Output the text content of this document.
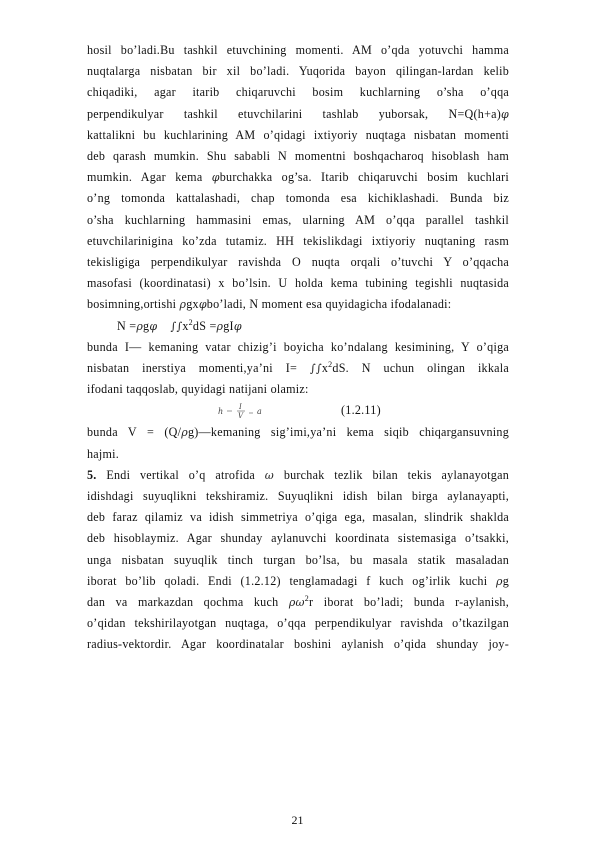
hosil bo’ladi.Bu tashkil etuvchining momenti. AM o’qda yotuvchi hamma
nuqtalarga nisbatan bir xil bo’ladi. Yuqorida bayon qilingan-lardan kelib
chiqadiki, agar itarib chiqaruvchi bosim kuchlarning o’sha o’qqa
perpendikulyar tashkil etuvchilarini tashlab yuborsak, N=Q(h+a)φ
kattalikni bu kuchlarining AM o’qidagi ixtiyoriy nuqtaga nisbatan momenti
deb qarash mumkin. Shu sababli N momentni boshqacharoq hisoblash ham
mumkin. Agar kema φburchakka og’sa. Itarib chiqaruvchi bosim kuchlari
o’ng tomonda kattalashadi, chap tomonda esa kichiklashadi. Bunda biz
o’sha kuchlarning hammasini emas, ularning AM o’qqa parallel tashkil
etuvchilarinigina ko’zda tutamiz. HH tekislikdagi ixtiyoriy nuqtaning rasm
tekisligiga perpendikulyar ravishda O nuqta orqali o’tuvchi Y o’qqacha
masofasi (koordinatasi) x bo’lsin. U holda kema tubining tegishli nuqtasida
bosimning,ortishi ρgxφbo’ladi, N moment esa quyidagicha ifodalanadi:
N =ρgφ $\int\int x^2dS =\rho gI\varphi$
bunda I— kemaning vatar chizig’i boyicha ko’ndalang kesimining, Y o’qiga
nisbatan inerstiya momenti,ya’ni $I= \int\int x^2dS$. N uchun olingan ikkala
ifodani taqqoslab, quyidagi natijani olamiz:
h I
V a	(1.2.11)
bunda V = (Q/ρg)—kemaning sig’imi,ya’ni kema siqib chiqargansuvning
hajmi.
5. Endi vertikal o’q atrofida ω burchak tezlik bilan tekis aylanayotgan
idishdagi suyuqlikni tekshiramiz. Suyuqlikni idish bilan birga aylanayapti,
deb faraz qilamiz va idish simmetriya o’qiga ega, masalan, slindrik shaklda
deb hisoblaymiz. Agar shunday aylanuvchi koordinata sistemasiga o’tsakki,
unga nisbatan suyuqlik tinch turgan bo’lsa, bu masala statik masaladan
iborat bo’lib qoladi. Endi (1.2.12) tenglamadagi f kuch og’irlik kuchi ρg
dan va markazdan qochma kuch $\rho\omega^2r$ iborat bo’ladi; bunda r-aylanish,
o’qidan tekshirilayotgan nuqtaga, o’qqa perpendikulyar ravishda o’tkazilgan
radius-vektordir. Agar koordinatalar boshini aylanish o’qida shunday joy-
21
